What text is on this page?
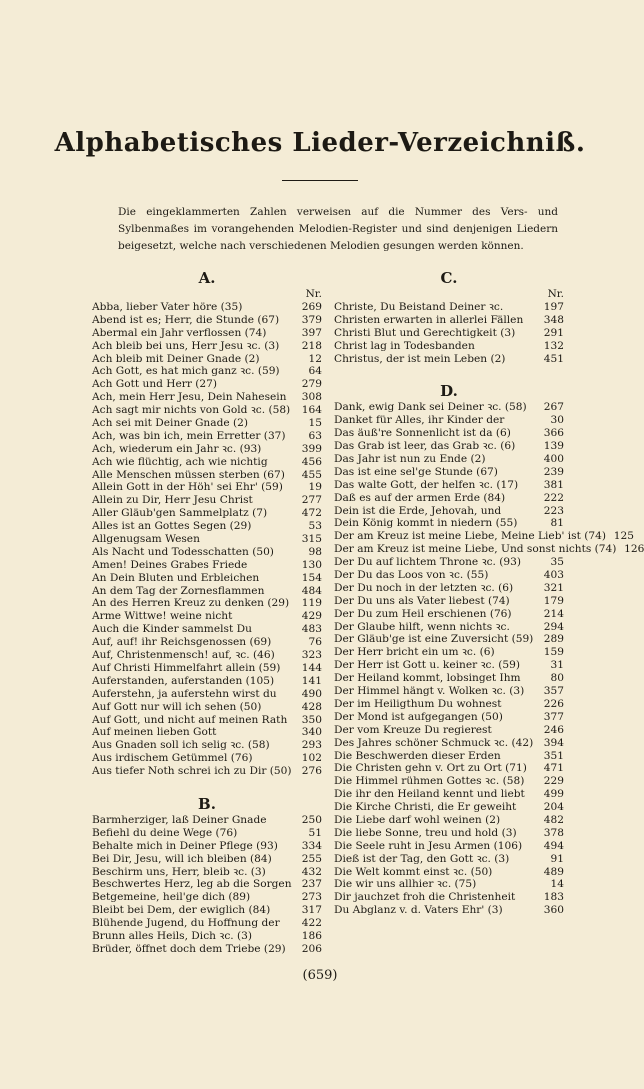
Alphabetisches Lieder-Verzeichniß.
Die eingeklammerten Zahlen verweisen auf die Nummer des Vers- und Sylbenmaßes im vorangehenden Melodien-Register und sind denjenigen Liedern beigesetzt, welche nach verschiedenen Melodien gesungen werden können.
A.
Nr.
Abba, lieber Vater höre (35)	269
Abend ist es; Herr, die Stunde (67)	379
Abermal ein Jahr verflossen (74)	397
Ach bleib bei uns, Herr Jesu ꝛc. (3)	218
Ach bleib mit Deiner Gnade (2)	12
Ach Gott, es hat mich ganz ꝛc. (59)	64
Ach Gott und Herr (27)	279
Ach, mein Herr Jesu, Dein Nahesein	308
Ach sagt mir nichts von Gold ꝛc. (58)	164
Ach sei mit Deiner Gnade (2)	15
Ach, was bin ich, mein Erretter (37)	63
Ach, wiederum ein Jahr ꝛc. (93)	399
Ach wie flüchtig, ach wie nichtig	456
Alle Menschen müssen sterben (67)	455
Allein Gott in der Höh' sei Ehr' (59)	19
Allein zu Dir, Herr Jesu Christ	277
Aller Gläub'gen Sammelplatz (7)	472
Alles ist an Gottes Segen (29)	53
Allgenugsam Wesen	315
Als Nacht und Todesschatten (50)	98
Amen! Deines Grabes Friede	130
An Dein Bluten und Erbleichen	154
An dem Tag der Zornesflammen	484
An des Herren Kreuz zu denken (29)	119
Arme Wittwe! weine nicht	429
Auch die Kinder sammelst Du	483
Auf, auf! ihr Reichsgenossen (69)	76
Auf, Christenmensch! auf, ꝛc. (46)	323
Auf Christi Himmelfahrt allein (59)	144
Auferstanden, auferstanden (105)	141
Auferstehn, ja auferstehn wirst du	490
Auf Gott nur will ich sehen (50)	428
Auf Gott, und nicht auf meinen Rath	350
Auf meinen lieben Gott	340
Aus Gnaden soll ich selig ꝛc. (58)	293
Aus irdischem Getümmel (76)	102
Aus tiefer Noth schrei ich zu Dir (50) 276
B.
Barmherziger, laß Deiner Gnade	250
Befiehl du deine Wege (76)	51
Behalte mich in Deiner Pflege (93)	334
Bei Dir, Jesu, will ich bleiben (84)	255
Beschirm uns, Herr, bleib ꝛc. (3)	432
Beschwertes Herz, leg ab die Sorgen 237
Betgemeine, heil'ge dich (89)	273
Bleibt bei Dem, der ewiglich (84)	317
Blühende Jugend, du Hoffnung der	422
Brunn alles Heils, Dich ꝛc. (3)	186
Brüder, öffnet doch dem Triebe (29)	206
C.
Nr.
Christe, Du Beistand Deiner ꝛc.	197
Christen erwarten in allerlei Fällen	348
Christi Blut und Gerechtigkeit (3)	291
Christ lag in Todesbanden	132
Christus, der ist mein Leben (2)	451
D.
Dank, ewig Dank sei Deiner ꝛc. (58)	267
Danket für Alles, ihr Kinder der	30
Das äuß're Sonnenlicht ist da (6)	366
Das Grab ist leer, das Grab ꝛc. (6)	139
Das Jahr ist nun zu Ende (2)	400
Das ist eine sel'ge Stunde (67)	239
Das walte Gott, der helfen ꝛc. (17)	381
Daß es auf der armen Erde (84)	222
Dein ist die Erde, Jehovah, und	223
Dein König kommt in niedern (55)	81
Der am Kreuz ist meine Liebe, Meine Lieb' ist (74) 125
Der am Kreuz ist meine Liebe, Und sonst nichts (74) 126
Der Du auf lichtem Throne ꝛc. (93)	35
Der Du das Loos von ꝛc. (55)	403
Der Du noch in der letzten ꝛc. (6)	321
Der Du uns als Vater liebest (74)	179
Der Du zum Heil erschienen (76)	214
Der Glaube hilft, wenn nichts ꝛc.	294
Der Gläub'ge ist eine Zuversicht (59) 289
Der Herr bricht ein um ꝛc. (6)	159
Der Herr ist Gott u. keiner ꝛc. (59)	31
Der Heiland kommt, lobsinget Ihm	80
Der Himmel hängt v. Wolken ꝛc. (3)	357
Der im Heiligthum Du wohnest	226
Der Mond ist aufgegangen (50)	377
Der vom Kreuze Du regierest	246
Des Jahres schöner Schmuck ꝛc. (42) 394
Die Beschwerden dieser Erden	351
Die Christen gehn v. Ort zu Ort (71)	471
Die Himmel rühmen Gottes ꝛc. (58)	229
Die ihr den Heiland kennt und liebt	499
Die Kirche Christi, die Er geweiht	204
Die Liebe darf wohl weinen (2)	482
Die liebe Sonne, treu und hold (3)	378
Die Seele ruht in Jesu Armen (106)	494
Dieß ist der Tag, den Gott ꝛc. (3)	91
Die Welt kommt einst ꝛc. (50)	489
Die wir uns allhier ꝛc. (75)	14
Dir jauchzet froh die Christenheit	183
Du Abglanz v. d. Vaters Ehr' (3)	360
(659)
